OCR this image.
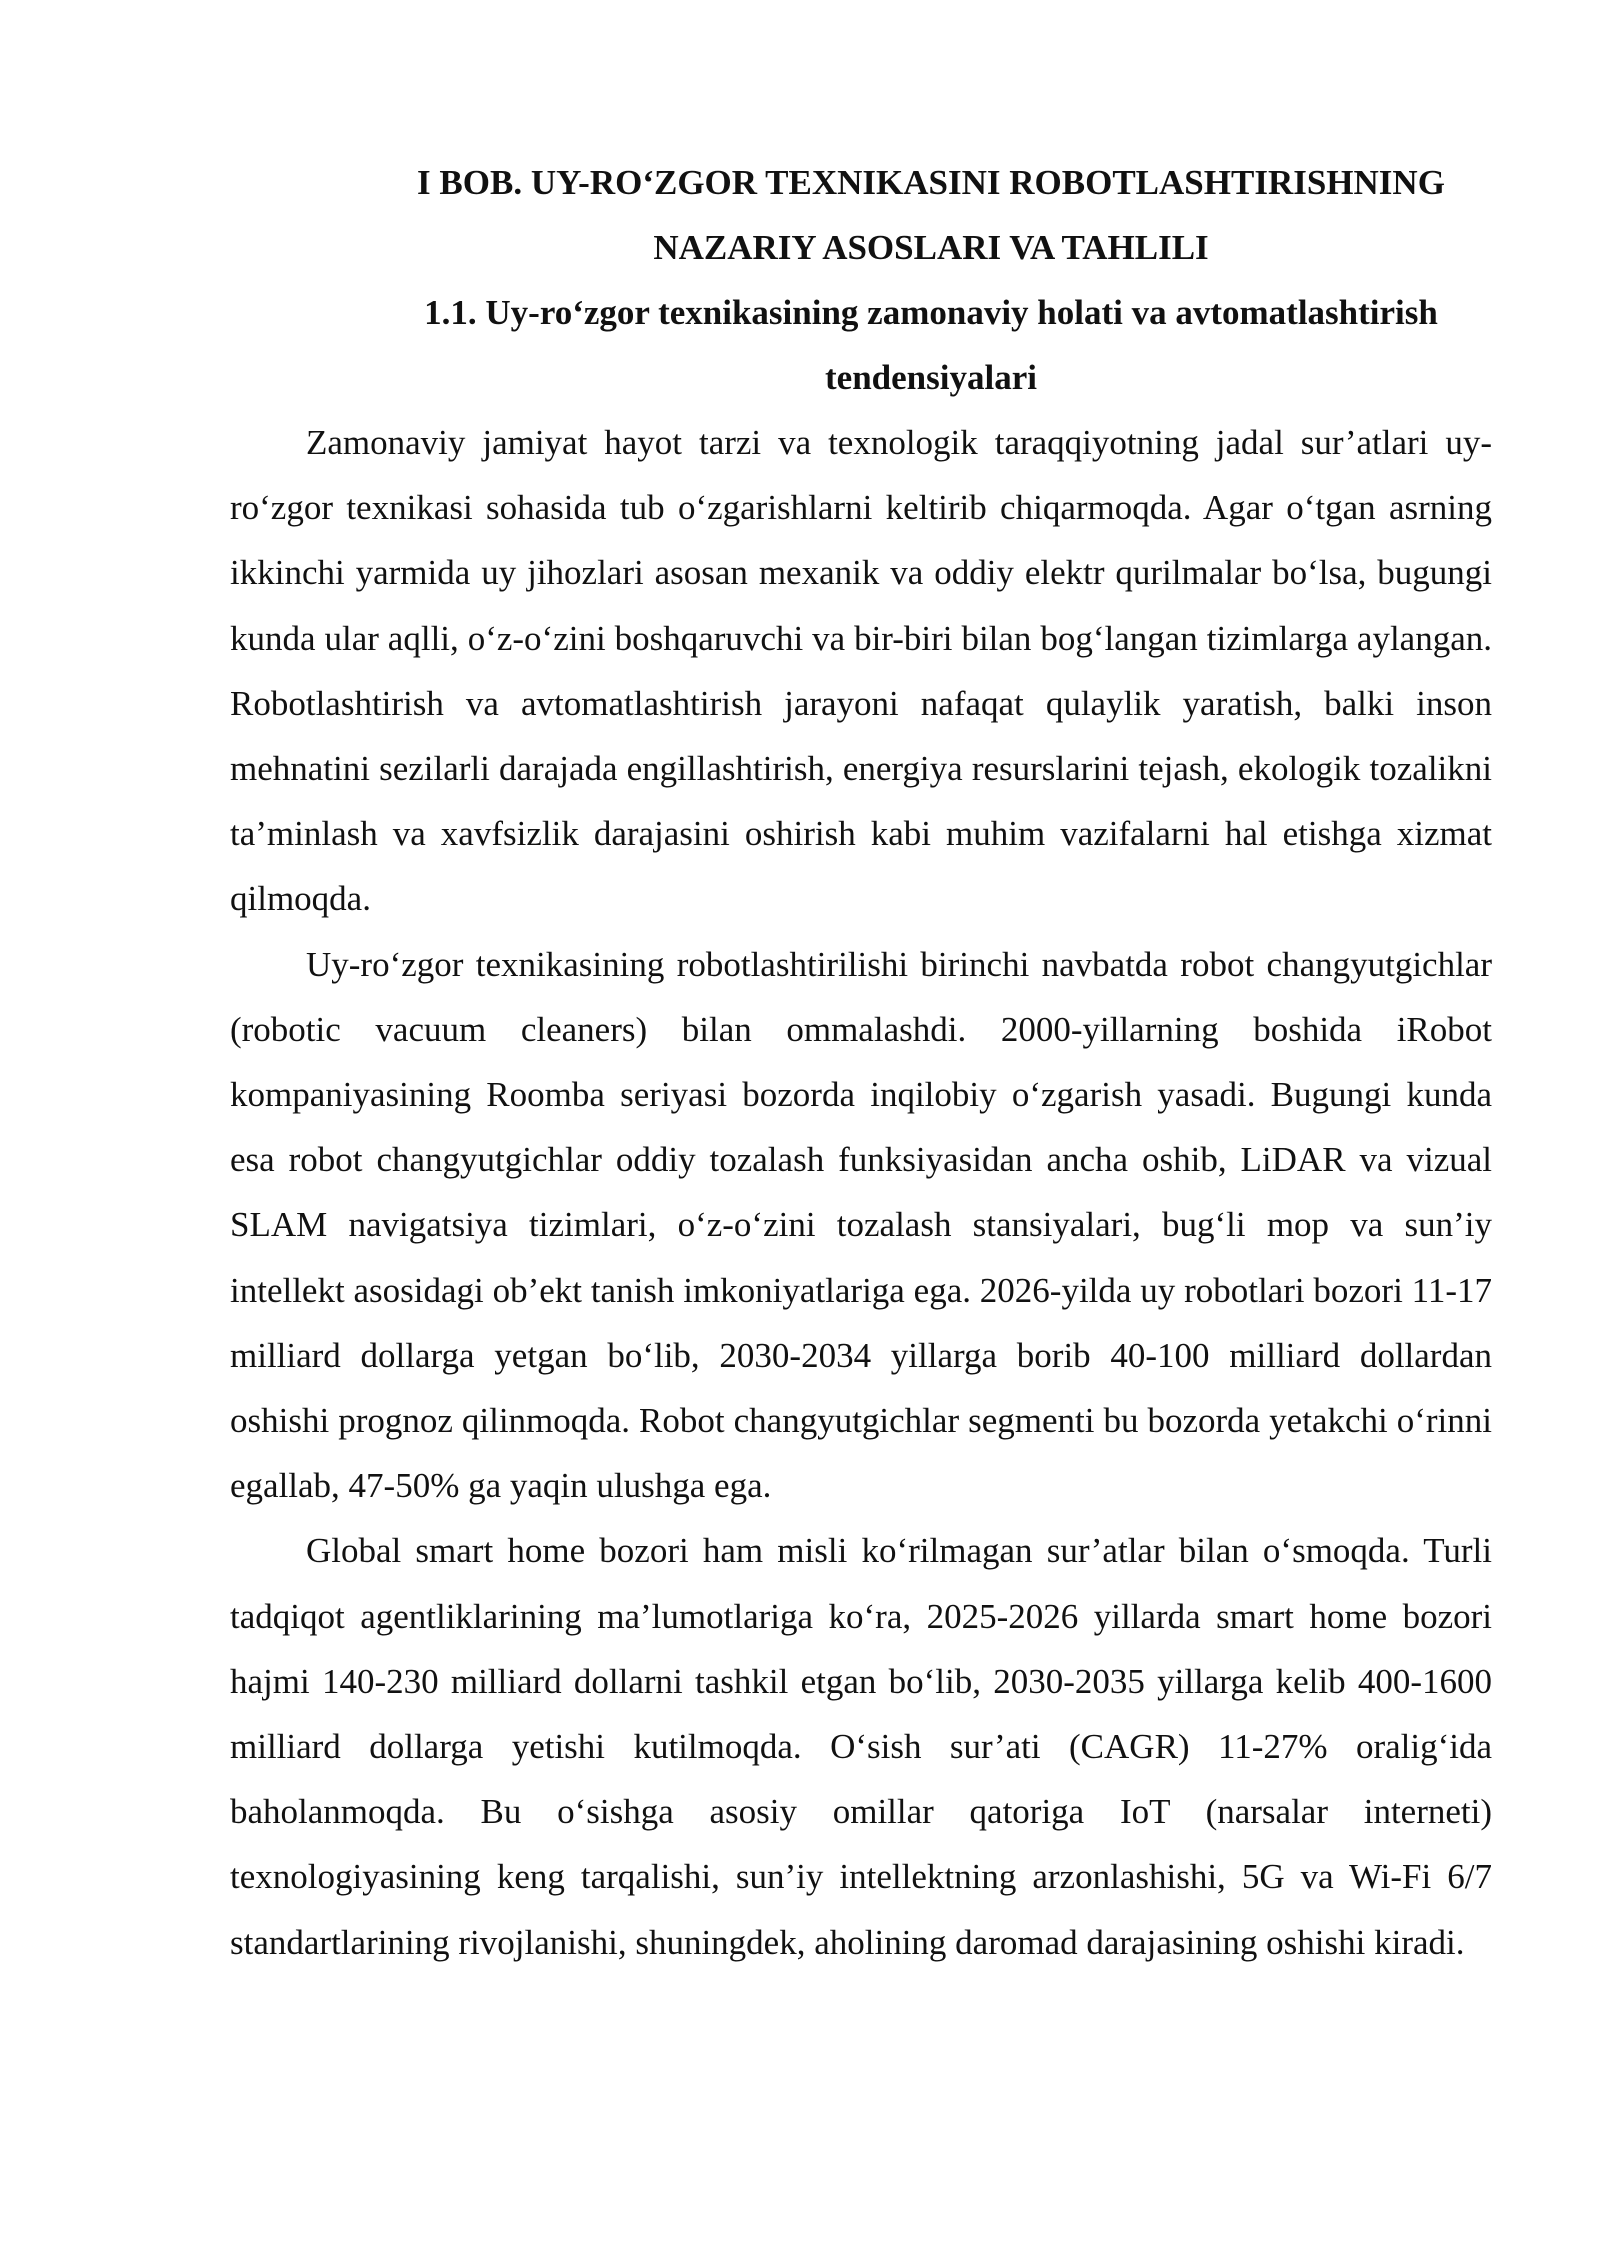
I BOB. UY-RO‘ZGOR TEXNIKASINI ROBOTLASHTIRISHNING

NAZARIY ASOSLARI VA TAHLILI

1.1. Uy-ro‘zgor texnikasining zamonaviy holati va avtomatlashtirish

tendensiyalari

Zamonaviy jamiyat hayot tarzi va texnologik taraqqiyotning jadal sur’atlari uy-ro‘zgor texnikasi sohasida tub o‘zgarishlarni keltirib chiqarmoqda. Agar o‘tgan asrning ikkinchi yarmida uy jihozlari asosan mexanik va oddiy elektr qurilmalar bo‘lsa, bugungi kunda ular aqlli, o‘z-o‘zini boshqaruvchi va bir-biri bilan bog‘langan tizimlarga aylangan. Robotlashtirish va avtomatlashtirish jarayoni nafaqat qulaylik yaratish, balki inson mehnatini sezilarli darajada engillashtirish, energiya resurslarini tejash, ekologik tozalikni ta’minlash va xavfsizlik darajasini oshirish kabi muhim vazifalarni hal etishga xizmat qilmoqda.

Uy-ro‘zgor texnikasining robotlashtirilishi birinchi navbatda robot changyutgichlar (robotic vacuum cleaners) bilan ommalashdi. 2000-yillarning boshida iRobot kompaniyasining Roomba seriyasi bozorda inqilobiy o‘zgarish yasadi. Bugungi kunda esa robot changyutgichlar oddiy tozalash funksiyasidan ancha oshib, LiDAR va vizual SLAM navigatsiya tizimlari, o‘z-o‘zini tozalash stansiyalari, bug‘li mop va sun’iy intellekt asosidagi ob’ekt tanish imkoniyatlariga ega. 2026-yilda uy robotlari bozori 11-17 milliard dollarga yetgan bo‘lib, 2030-2034 yillarga borib 40-100 milliard dollardan oshishi prognoz qilinmoqda. Robot changyutgichlar segmenti bu bozorda yetakchi o‘rinni egallab, 47-50% ga yaqin ulushga ega.

Global smart home bozori ham misli ko‘rilmagan sur’atlar bilan o‘smoqda. Turli tadqiqot agentliklarining ma’lumotlariga ko‘ra, 2025-2026 yillarda smart home bozori hajmi 140-230 milliard dollarni tashkil etgan bo‘lib, 2030-2035 yillarga kelib 400-1600 milliard dollarga yetishi kutilmoqda. O‘sish sur’ati (CAGR) 11-27% oralig‘ida baholanmoqda. Bu o‘sishga asosiy omillar qatoriga IoT (narsalar interneti) texnologiyasining keng tarqalishi, sun’iy intellektning arzonlashishi, 5G va Wi-Fi 6/7 standartlarining rivojlanishi, shuningdek, aholining daromad darajasining oshishi kiradi.
